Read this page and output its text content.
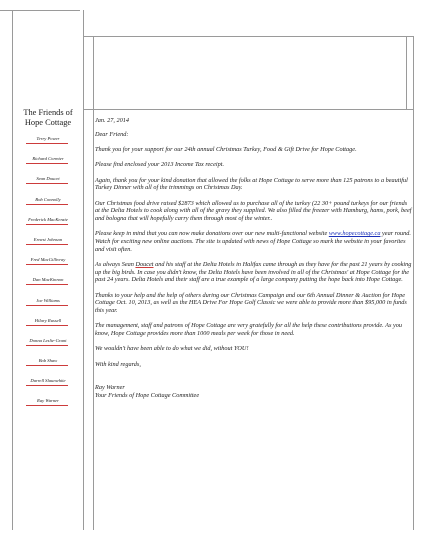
The Friends of
Hope Cottage
Terry Power
Richard Cormier
Sean Doucet
Bob Connolly
Frederick MacKenzie
Ernest Johnson
Fred MacGillivray
Dan MacKinnon
Joe Williams
Hilary Russell
Donna Leslie-Grant
Bob Shaw
Darrell Slaunwhite
Ray Warner

Jan. 27, 2014

Dear Friend:

Thank you for your support for our 24th annual Christmas Turkey, Food & Gift Drive for Hope Cottage.

Please find enclosed your 2013 Income Tax receipt.

Again, thank you for your kind donation that allowed the folks at Hope Cottage to serve more than 125 patrons to a beautiful Turkey Dinner with all of the trimmings on Christmas Day.

Our Christmas food drive raised $2873 which allowed us to purchase all of the turkey (22 30+ pound turkeys for our friends at the Delta Hotels to cook along with all of the gravy they supplied. We also filled the freezer with Hamburg, hams, pork, beef and bologna that will hopefully carry them through most of the winter..

Please keep in mind that you can now make donations over our new multi-functional website www.hopecottage.ca year round. Watch for exciting new online auctions. The site is updated with news of Hope Cottage so mark the website in your favorites and visit often.

As always Sean Doucet and his staff at the Delta Hotels in Halifax came through as they have for the past 21 years by cooking up the big birds. In case you didn't know, the Delta Hotels have been involved in all of the Christmas' at Hope Cottage for the past 24 years. Delta Hotels and their staff are a true example of a large company putting the hope back into Hope Cottage.

Thanks to your help and the help of others during our Christmas Campaign and our 6th Annual Dinner & Auction for Hope Cottage Oct. 10, 2013, as well as the HEA Drive For Hope Golf Classic we were able to provide more than $95,000 in funds this year.

The management, staff and patrons of Hope Cottage are very gratefully for all the help these contributions provide. As you know, Hope Cottage provides more than 1000 meals per week for those in need.

We wouldn't have been able to do what we did, without YOU!

With kind regards,

Ray Warner
Your Friends of Hope Cottage Committee
